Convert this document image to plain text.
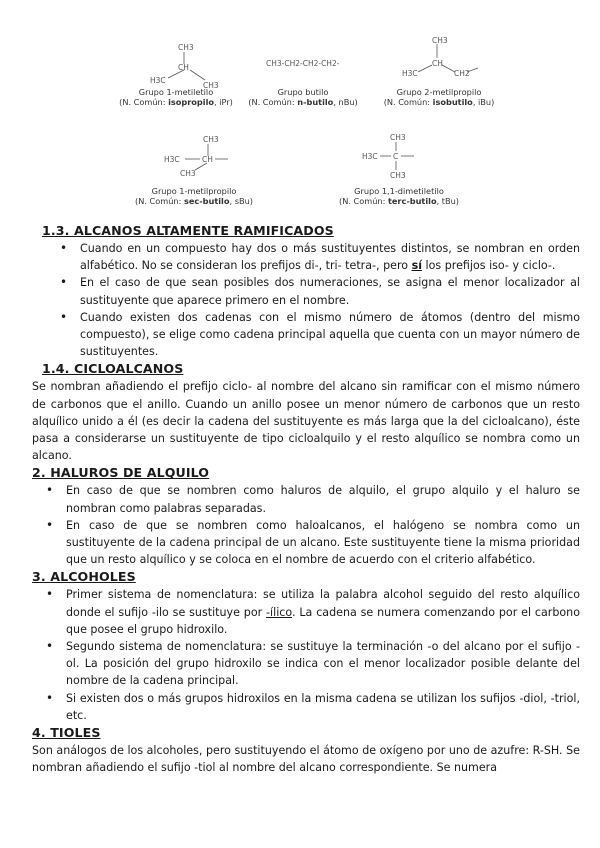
CH3
CH
H3C
CH3
CH3-CH2-CH2-CH2-
CH3
CH
H3C	CH2
CH3
H3C	CH
CH3
CH3
H3C C
CH3
Grupo 1-metiletilo
(N. Común: isopropilo, iPr)
Grupo butilo
(N. Común: n-butilo, nBu)
Grupo 2-metilpropilo
(N. Común: isobutilo, iBu)
Grupo 1-metilpropilo
(N. Común: sec-butilo, sBu)
Grupo 1,1-dimetiletilo
(N. Común: terc-butilo, tBu)
1.3. ALCANOS ALTAMENTE RAMIFICADOS
• Cuando en un compuesto hay dos o más sustituyentes distintos, se nombran en orden alfabético. No se consideran los prefijos di-, tri- tetra-, pero sí los prefijos iso- y ciclo-.
• En el caso de que sean posibles dos numeraciones, se asigna el menor localizador al sustituyente que aparece primero en el nombre.
• Cuando existen dos cadenas con el mismo número de átomos (dentro del mismo compuesto), se elige como cadena principal aquella que cuenta con un mayor número de sustituyentes.
1.4. CICLOALCANOS

Se nombran añadiendo el prefijo ciclo- al nombre del alcano sin ramificar con el mismo número de carbonos que el anillo. Cuando un anillo posee un menor número de carbonos que un resto alquílico unido a él (es decir la cadena del sustituyente es más larga que la del cicloalcano), éste pasa a considerarse un sustituyente de tipo cicloalquilo y el resto alquílico se nombra como un alcano.

2. HALUROS DE ALQUILO
• En caso de que se nombren como haluros de alquilo, el grupo alquilo y el haluro se nombran como palabras separadas.
• En caso de que se nombren como haloalcanos, el halógeno se nombra como un sustituyente de la cadena principal de un alcano. Este sustituyente tiene la misma prioridad que un resto alquílico y se coloca en el nombre de acuerdo con el criterio alfabético.
3. ALCOHOLES
• Primer sistema de nomenclatura: se utiliza la palabra alcohol seguido del resto alquílico donde el sufijo -ilo se sustituye por -ílico. La cadena se numera comenzando por el carbono que posee el grupo hidroxilo.
• Segundo sistema de nomenclatura: se sustituye la terminación -o del alcano por el sufijo -ol. La posición del grupo hidroxilo se indica con el menor localizador posible delante del nombre de la cadena principal.
• Si existen dos o más grupos hidroxilos en la misma cadena se utilizan los sufijos -diol, -triol, etc.
4. TIOLES

Son análogos de los alcoholes, pero sustituyendo el átomo de oxígeno por uno de azufre: R-SH. Se nombran añadiendo el sufijo -tiol al nombre del alcano correspondiente. Se numera
